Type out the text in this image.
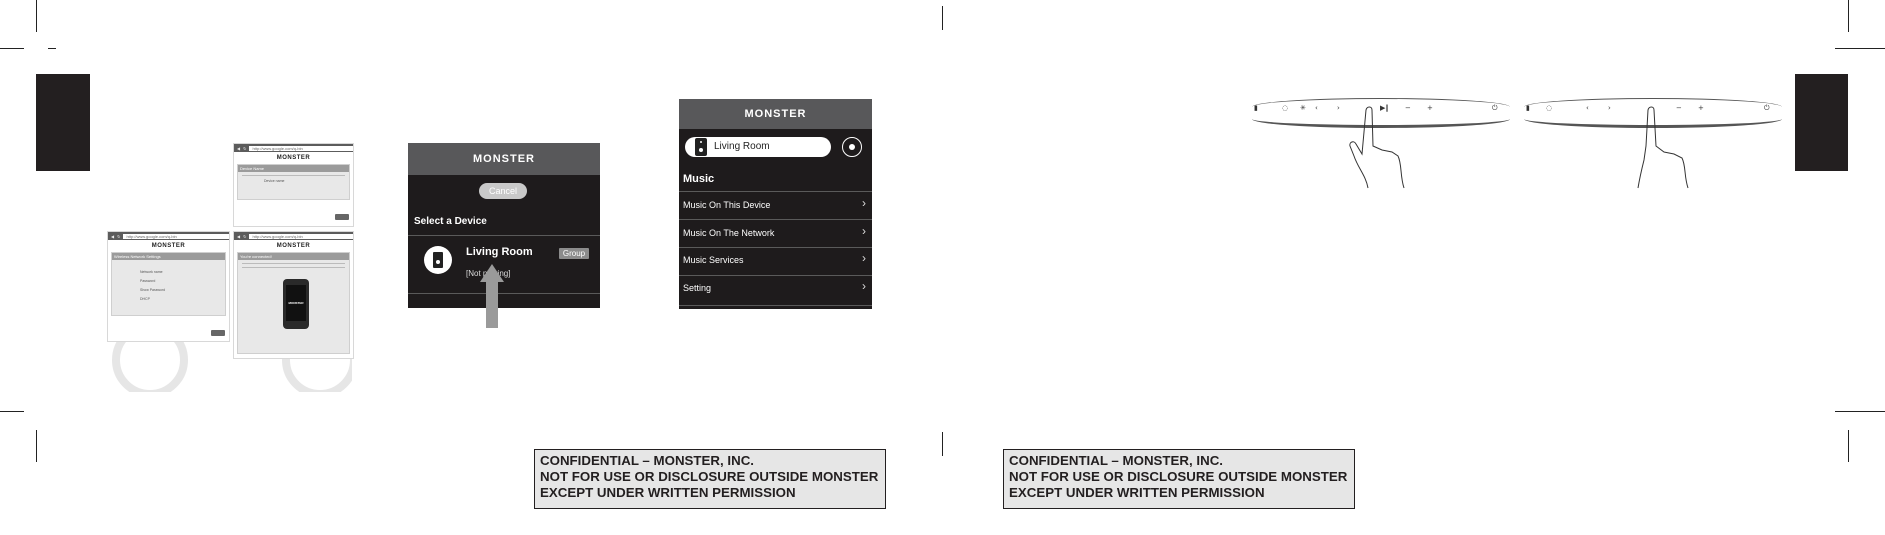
◀ ↻	http://www.google.com/q-bin
MONSTER
Device Name
Device name
◀ ↻	http://www.google.com/q-bin
MONSTER
Wireless Network Settings
Network name
Password
Show Password
DHCP
◀ ↻	http://www.google.com/q-bin
MONSTER
You're connected!
MONSTER
MONSTER
Cancel
Select a Device
Living Room	Group
[Not playing]
MONSTER
Living Room
Music
Music On This Device	›
Music On The Network	›
Music Services	›
Setting	›
▮	◌ ✳ ‹	›	▶‖ − +	⏻	▮ ◌	‹	›	− +	⏻
CONFIDENTIAL – MONSTER, INC.
NOT FOR USE OR DISCLOSURE OUTSIDE MONSTER
EXCEPT UNDER WRITTEN PERMISSION
CONFIDENTIAL – MONSTER, INC.
NOT FOR USE OR DISCLOSURE OUTSIDE MONSTER
EXCEPT UNDER WRITTEN PERMISSION
